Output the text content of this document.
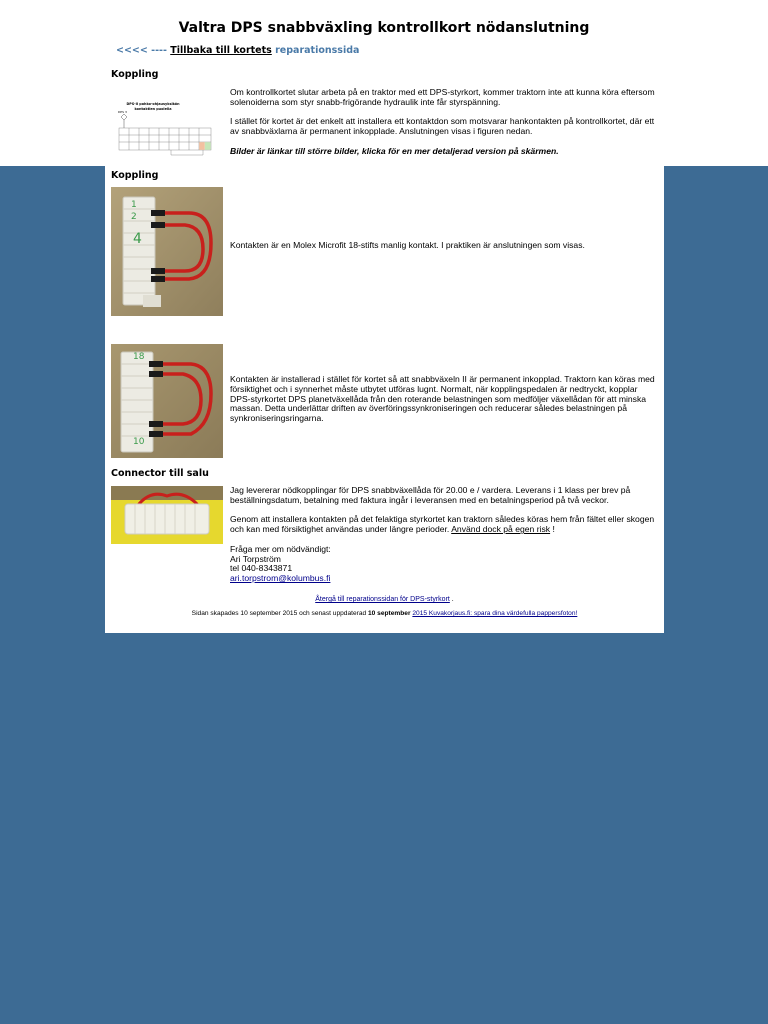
Valtra DPS snabbväxling kontrollkort nödanslutning
<<<< ---- Tillbaka till kortets reparationssida
Koppling
DPS-II pohko-ohjausyksikön
kontaktien puolella
DPS 3

Om kontrollkortet slutar arbeta på en traktor med ett DPS-styrkort, kommer traktorn inte att kunna köra eftersom solenoiderna som styr snabb-frigörande hydraulik inte får styrspänning.

I stället för kortet är det enkelt att installera ett kontaktdon som motsvarar hankontakten på kontrollkortet, där ett av snabbväxlarna är permanent inkopplade. Anslutningen visas i figuren nedan.

Bilder är länkar till större bilder, klicka för en mer detaljerad version på skärmen.

Koppling
1
2
4	Kontakten är en Molex Microfit 18-stifts manlig kontakt. I praktiken är anslutningen som visas.
18
10
Kontakten är installerad i stället för kortet så att snabbväxeln II är permanent inkopplad. Traktorn kan köras med försiktighet och i synnerhet måste utbytet utföras lugnt. Normalt, när kopplingspedalen är nedtryckt, kopplar DPS-styrkortet DPS planetväxellåda från den roterande belastningen som medföljer växellådan för att minska massan. Detta underlättar driften av överföringssynkroniseringen och reducerar således belastningen på synkroniseringsringarna.
Connector till salu

Jag levererar nödkopplingar för DPS snabbväxellåda för 20.00 e / vardera. Leverans i 1 klass per brev på beställningsdatum, betalning med faktura ingår i leveransen med en betalningsperiod på två veckor.

Genom att installera kontakten på det felaktiga styrkortet kan traktorn således köras hem från fältet eller skogen och kan med försiktighet användas under längre perioder. Använd dock på egen risk !

Fråga mer om nödvändigt:
Ari Torpström
tel 040-8343871
ari.torpstrom@kolumbus.fi

Återgå till reparationssidan för DPS-styrkort .
Sidan skapades 10 september 2015 och senast uppdaterad 10 september 2015 Kuvakorjaus.fi: spara dina värdefulla pappersfoton!
